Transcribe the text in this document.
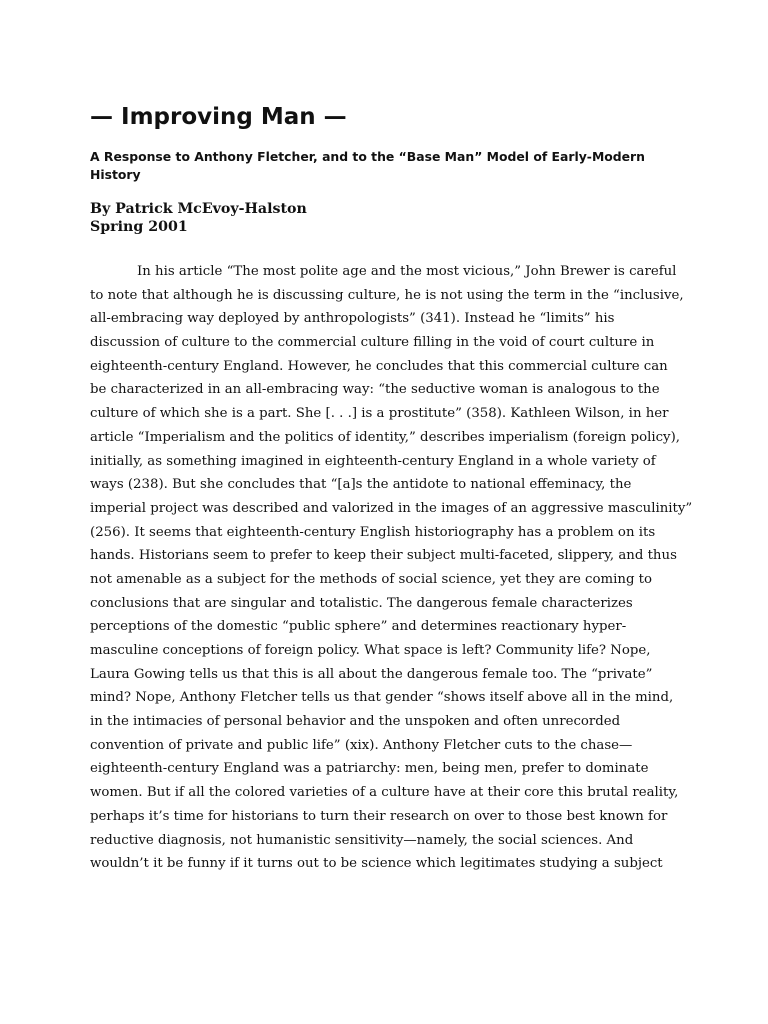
— Improving Man —
A Response to Anthony Fletcher, and to the “Base Man” Model of Early-Modern History
By Patrick McEvoy-Halston
Spring 2001
In his article “The most polite age and the most vicious,” John Brewer is careful
to note that although he is discussing culture, he is not using the term in the “inclusive,
all-embracing way deployed by anthropologists” (341). Instead he “limits” his
discussion of culture to the commercial culture filling in the void of court culture in
eighteenth-century England. However, he concludes that this commercial culture can
be characterized in an all-embracing way: “the seductive woman is analogous to the
culture of which she is a part. She [. . .] is a prostitute” (358). Kathleen Wilson, in her
article “Imperialism and the politics of identity,” describes imperialism (foreign policy),
initially, as something imagined in eighteenth-century England in a whole variety of
ways (238). But she concludes that “[a]s the antidote to national effeminacy, the
imperial project was described and valorized in the images of an aggressive masculinity”
(256). It seems that eighteenth-century English historiography has a problem on its
hands. Historians seem to prefer to keep their subject multi-faceted, slippery, and thus
not amenable as a subject for the methods of social science, yet they are coming to
conclusions that are singular and totalistic. The dangerous female characterizes
perceptions of the domestic “public sphere” and determines reactionary hyper-
masculine conceptions of foreign policy. What space is left? Community life? Nope,
Laura Gowing tells us that this is all about the dangerous female too. The “private”
mind? Nope, Anthony Fletcher tells us that gender “shows itself above all in the mind,
in the intimacies of personal behavior and the unspoken and often unrecorded
convention of private and public life” (xix). Anthony Fletcher cuts to the chase—
eighteenth-century England was a patriarchy: men, being men, prefer to dominate
women. But if all the colored varieties of a culture have at their core this brutal reality,
perhaps it’s time for historians to turn their research on over to those best known for
reductive diagnosis, not humanistic sensitivity—namely, the social sciences. And
wouldn’t it be funny if it turns out to be science which legitimates studying a subject
